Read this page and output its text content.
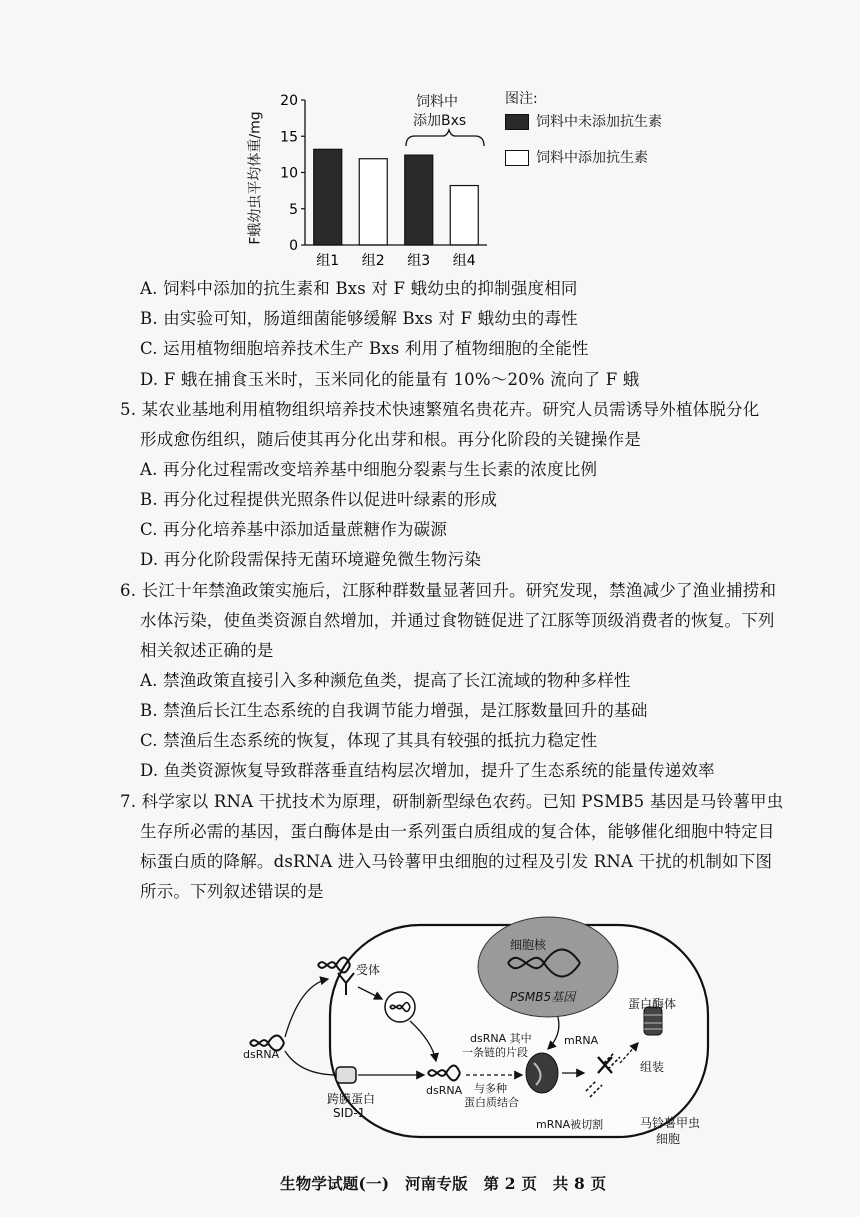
0
5
10
15
20
组1 组2 组3 组4
F蛾幼虫平均体重/mg
饲料中
添加Bxs
图注:
饲料中未添加抗生素
饲料中添加抗生素
A. 饲料中添加的抗生素和 Bxs 对 F 蛾幼虫的抑制强度相同
B. 由实验可知，肠道细菌能够缓解 Bxs 对 F 蛾幼虫的毒性
C. 运用植物细胞培养技术生产 Bxs 利用了植物细胞的全能性
D. F 蛾在捕食玉米时，玉米同化的能量有 10%～20% 流向了 F 蛾
5. 某农业基地利用植物组织培养技术快速繁殖名贵花卉。研究人员需诱导外植体脱分化
形成愈伤组织，随后使其再分化出芽和根。再分化阶段的关键操作是
A. 再分化过程需改变培养基中细胞分裂素与生长素的浓度比例
B. 再分化过程提供光照条件以促进叶绿素的形成
C. 再分化培养基中添加适量蔗糖作为碳源
D. 再分化阶段需保持无菌环境避免微生物污染
6. 长江十年禁渔政策实施后，江豚种群数量显著回升。研究发现，禁渔减少了渔业捕捞和
水体污染，使鱼类资源自然增加，并通过食物链促进了江豚等顶级消费者的恢复。下列
相关叙述正确的是
A. 禁渔政策直接引入多种濒危鱼类，提高了长江流域的物种多样性
B. 禁渔后长江生态系统的自我调节能力增强，是江豚数量回升的基础
C. 禁渔后生态系统的恢复，体现了其具有较强的抵抗力稳定性
D. 鱼类资源恢复导致群落垂直结构层次增加，提升了生态系统的能量传递效率
7. 科学家以 RNA 干扰技术为原理，研制新型绿色农药。已知 PSMB5 基因是马铃薯甲虫
生存所必需的基因，蛋白酶体是由一系列蛋白质组成的复合体，能够催化细胞中特定目
标蛋白质的降解。dsRNA 进入马铃薯甲虫细胞的过程及引发 RNA 干扰的机制如下图
所示。下列叙述错误的是
细胞核
PSMB5基因
受体
dsRNA
dsRNA
跨膜蛋白
SID-1
dsRNA 其中
一条链的片段
mRNA
与多种
蛋白质结合
mRNA被切割
蛋白酶体
组装
马铃薯甲虫
细胞
生物学试题(一)　河南专版　第 2 页　共 8 页
